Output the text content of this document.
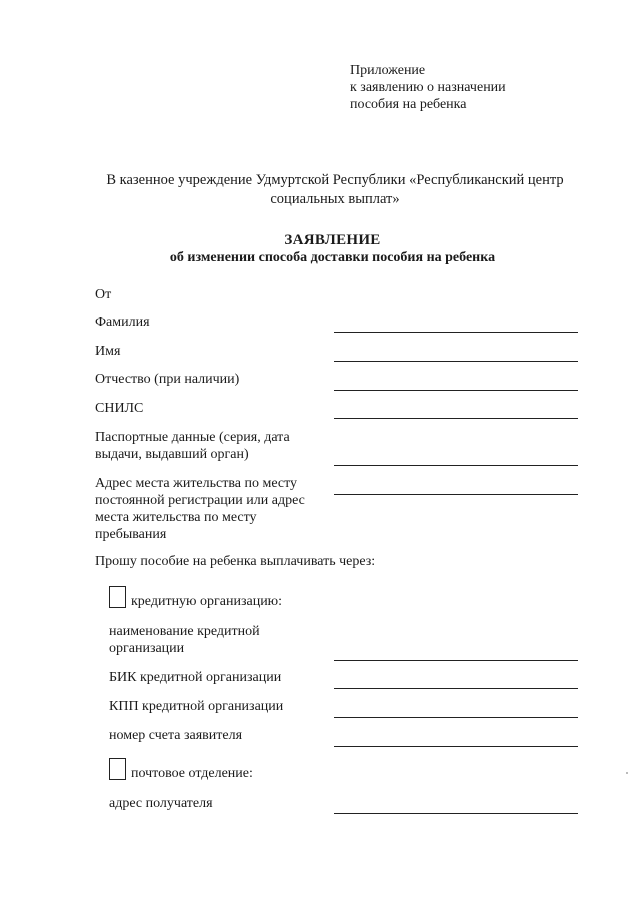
Приложение
к заявлению о назначении
пособия на ребенка
В казенное учреждение Удмуртской Республики «Республиканский центр
социальных выплат»
ЗАЯВЛЕНИЕ
об изменении способа доставки пособия на ребенка
От
Фамилия
Имя
Отчество (при наличии)
СНИЛС
Паспортные данные (серия, дата
выдачи, выдавший орган)
Адрес места жительства по месту
постоянной регистрации или адрес
места жительства по месту
пребывания
Прошу пособие на ребенка выплачивать через:
кредитную организацию:
наименование кредитной
организации
БИК кредитной организации
КПП кредитной организации
номер счета заявителя
почтовое отделение:
адрес получателя
